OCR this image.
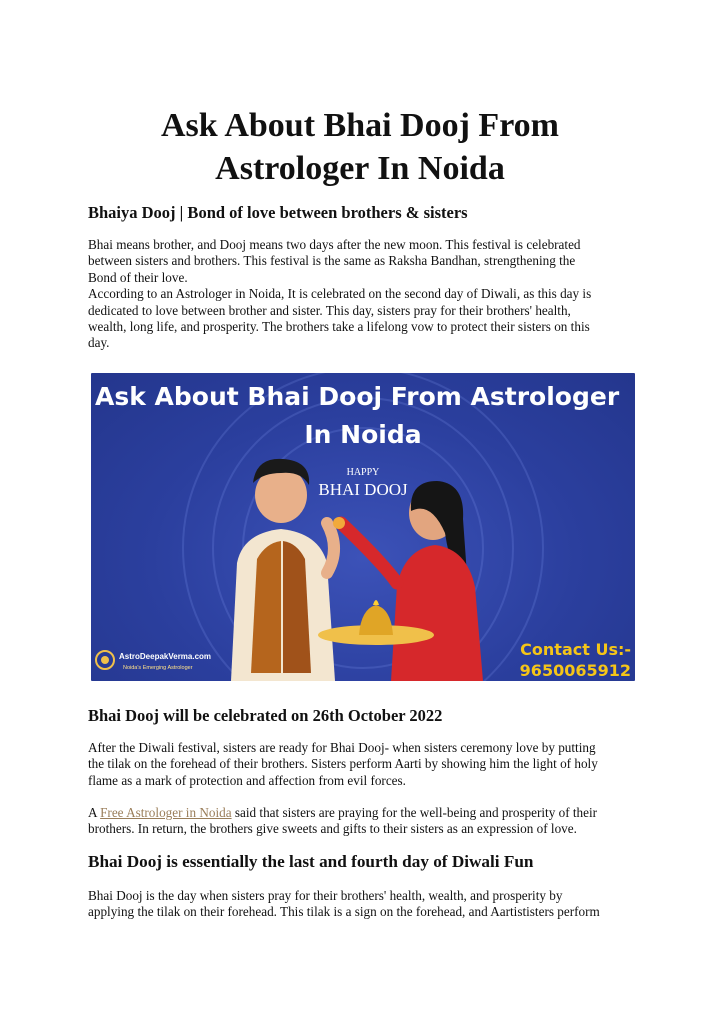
Ask About Bhai Dooj From
Astrologer In Noida
Bhaiya Dooj | Bond of love between brothers & sisters
Bhai means brother, and Dooj means two days after the new moon. This festival is celebrated
between sisters and brothers. This festival is the same as Raksha Bandhan, strengthening the
Bond of their love.
According to an Astrologer in Noida, It is celebrated on the second day of Diwali, as this day is
dedicated to love between brother and sister. This day, sisters pray for their brothers' health,
wealth, long life, and prosperity. The brothers take a lifelong vow to protect their sisters on this
day.
Ask About Bhai Dooj From Astrologer
In Noida
HAPPY
BHAI DOOJ
AstroDeepakVerma.com
Noida's Emerging Astrologer
Contact Us:-
9650065912
Bhai Dooj will be celebrated on 26th October 2022
After the Diwali festival, sisters are ready for Bhai Dooj- when sisters ceremony love by putting
the tilak on the forehead of their brothers. Sisters perform Aarti by showing him the light of holy
flame as a mark of protection and affection from evil forces.
A Free Astrologer in Noida said that sisters are praying for the well-being and prosperity of their
brothers. In return, the brothers give sweets and gifts to their sisters as an expression of love.
Bhai Dooj is essentially the last and fourth day of Diwali Fun
Bhai Dooj is the day when sisters pray for their brothers' health, wealth, and prosperity by
applying the tilak on their forehead. This tilak is a sign on the forehead, and Aartististers perform
